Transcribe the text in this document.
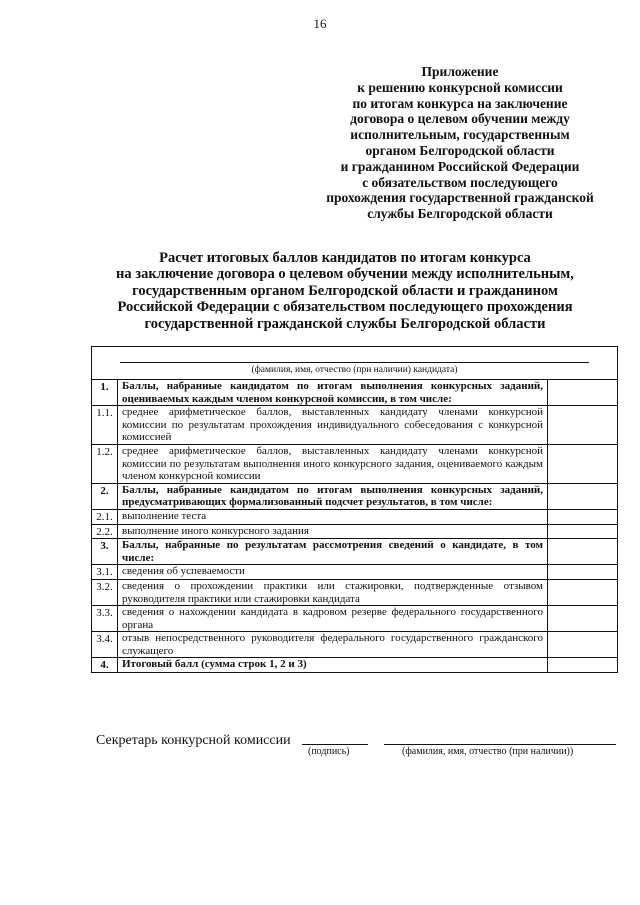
16
Приложение
к решению конкурсной комиссии
по итогам конкурса на заключение
договора о целевом обучении между
исполнительным, государственным
органом Белгородской области
и гражданином Российской Федерации
с обязательством последующего
прохождения государственной гражданской
службы Белгородской области
Расчет итоговых баллов кандидатов по итогам конкурса
на заключение договора о целевом обучении между исполнительным,
государственным органом Белгородской области и гражданином
Российской Федерации с обязательством последующего прохождения
государственной гражданской службы Белгородской области
(фамилия, имя, отчество (при наличии) кандидата)
1.	Баллы, набранные кандидатом по итогам выполнения конкурсных заданий, оцениваемых каждым членом конкурсной комиссии, в том числе:
1.1. среднее арифметическое баллов, выставленных кандидату членами конкурсной комиссии по результатам прохождения индивидуального собеседования с конкурсной комиссией
1.2. среднее арифметическое баллов, выставленных кандидату членами конкурсной комиссии по результатам выполнения иного конкурсного задания, оцениваемого каждым членом конкурсной комиссии
2.	Баллы, набранные кандидатом по итогам выполнения конкурсных заданий, предусматривающих формализованный подсчет результатов, в том числе:
2.1. выполнение теста
2.2. выполнение иного конкурсного задания
3.	Баллы, набранные по результатам рассмотрения сведений о кандидате, в том числе:
3.1. сведения об успеваемости
3.2. сведения о прохождении практики или стажировки, подтвержденные отзывом руководителя практики или стажировки кандидата
3.3. сведения о нахождении кандидата в кадровом резерве федерального государственного органа
3.4. отзыв непосредственного руководителя федерального государственного гражданского служащего
4.	Итоговый балл (сумма строк 1, 2 и 3)
Секретарь конкурсной комиссии
(подпись)	(фамилия, имя, отчество (при наличии))
